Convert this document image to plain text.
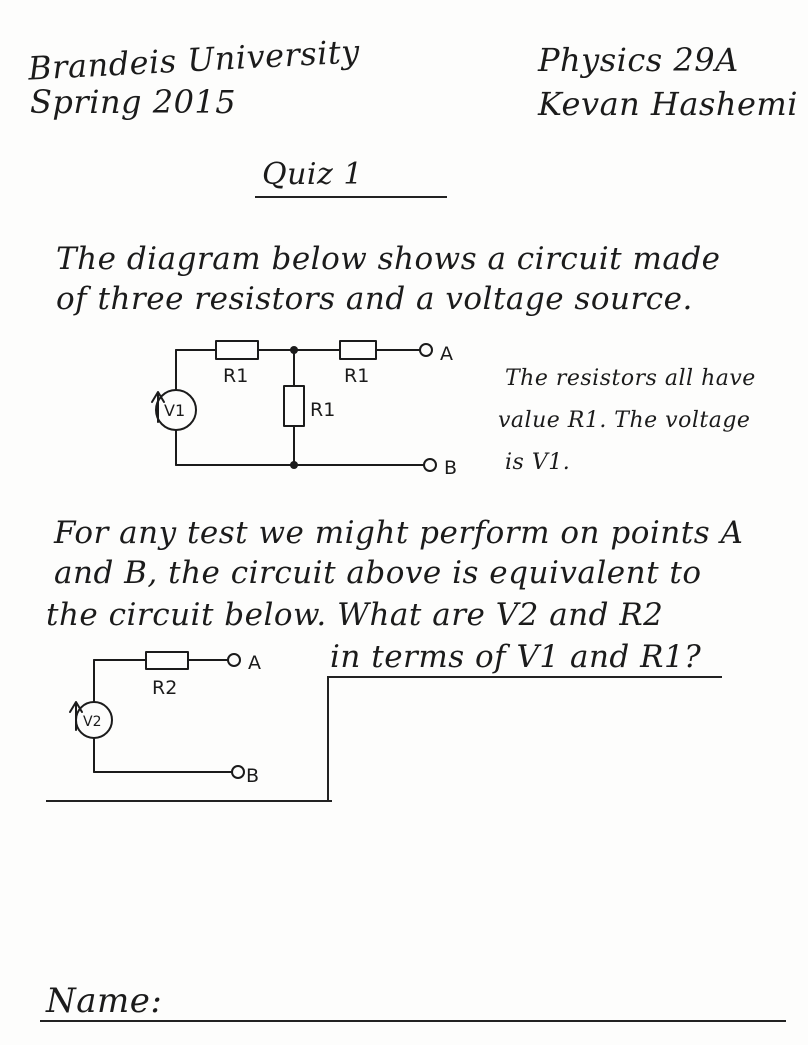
Brandeis University
Spring 2015
Physics 29A
Kevan Hashemi
Quiz 1
The diagram below shows a circuit made
of three resistors and a voltage source.
The resistors all have
value R1. The voltage
is V1.
For any test we might perform on points A
and B, the circuit above is equivalent to
the circuit below. What are V2 and R2
in terms of V1 and R1?
Name:
A
B
R1	R1
R1
V1
A
B
R2
V2
